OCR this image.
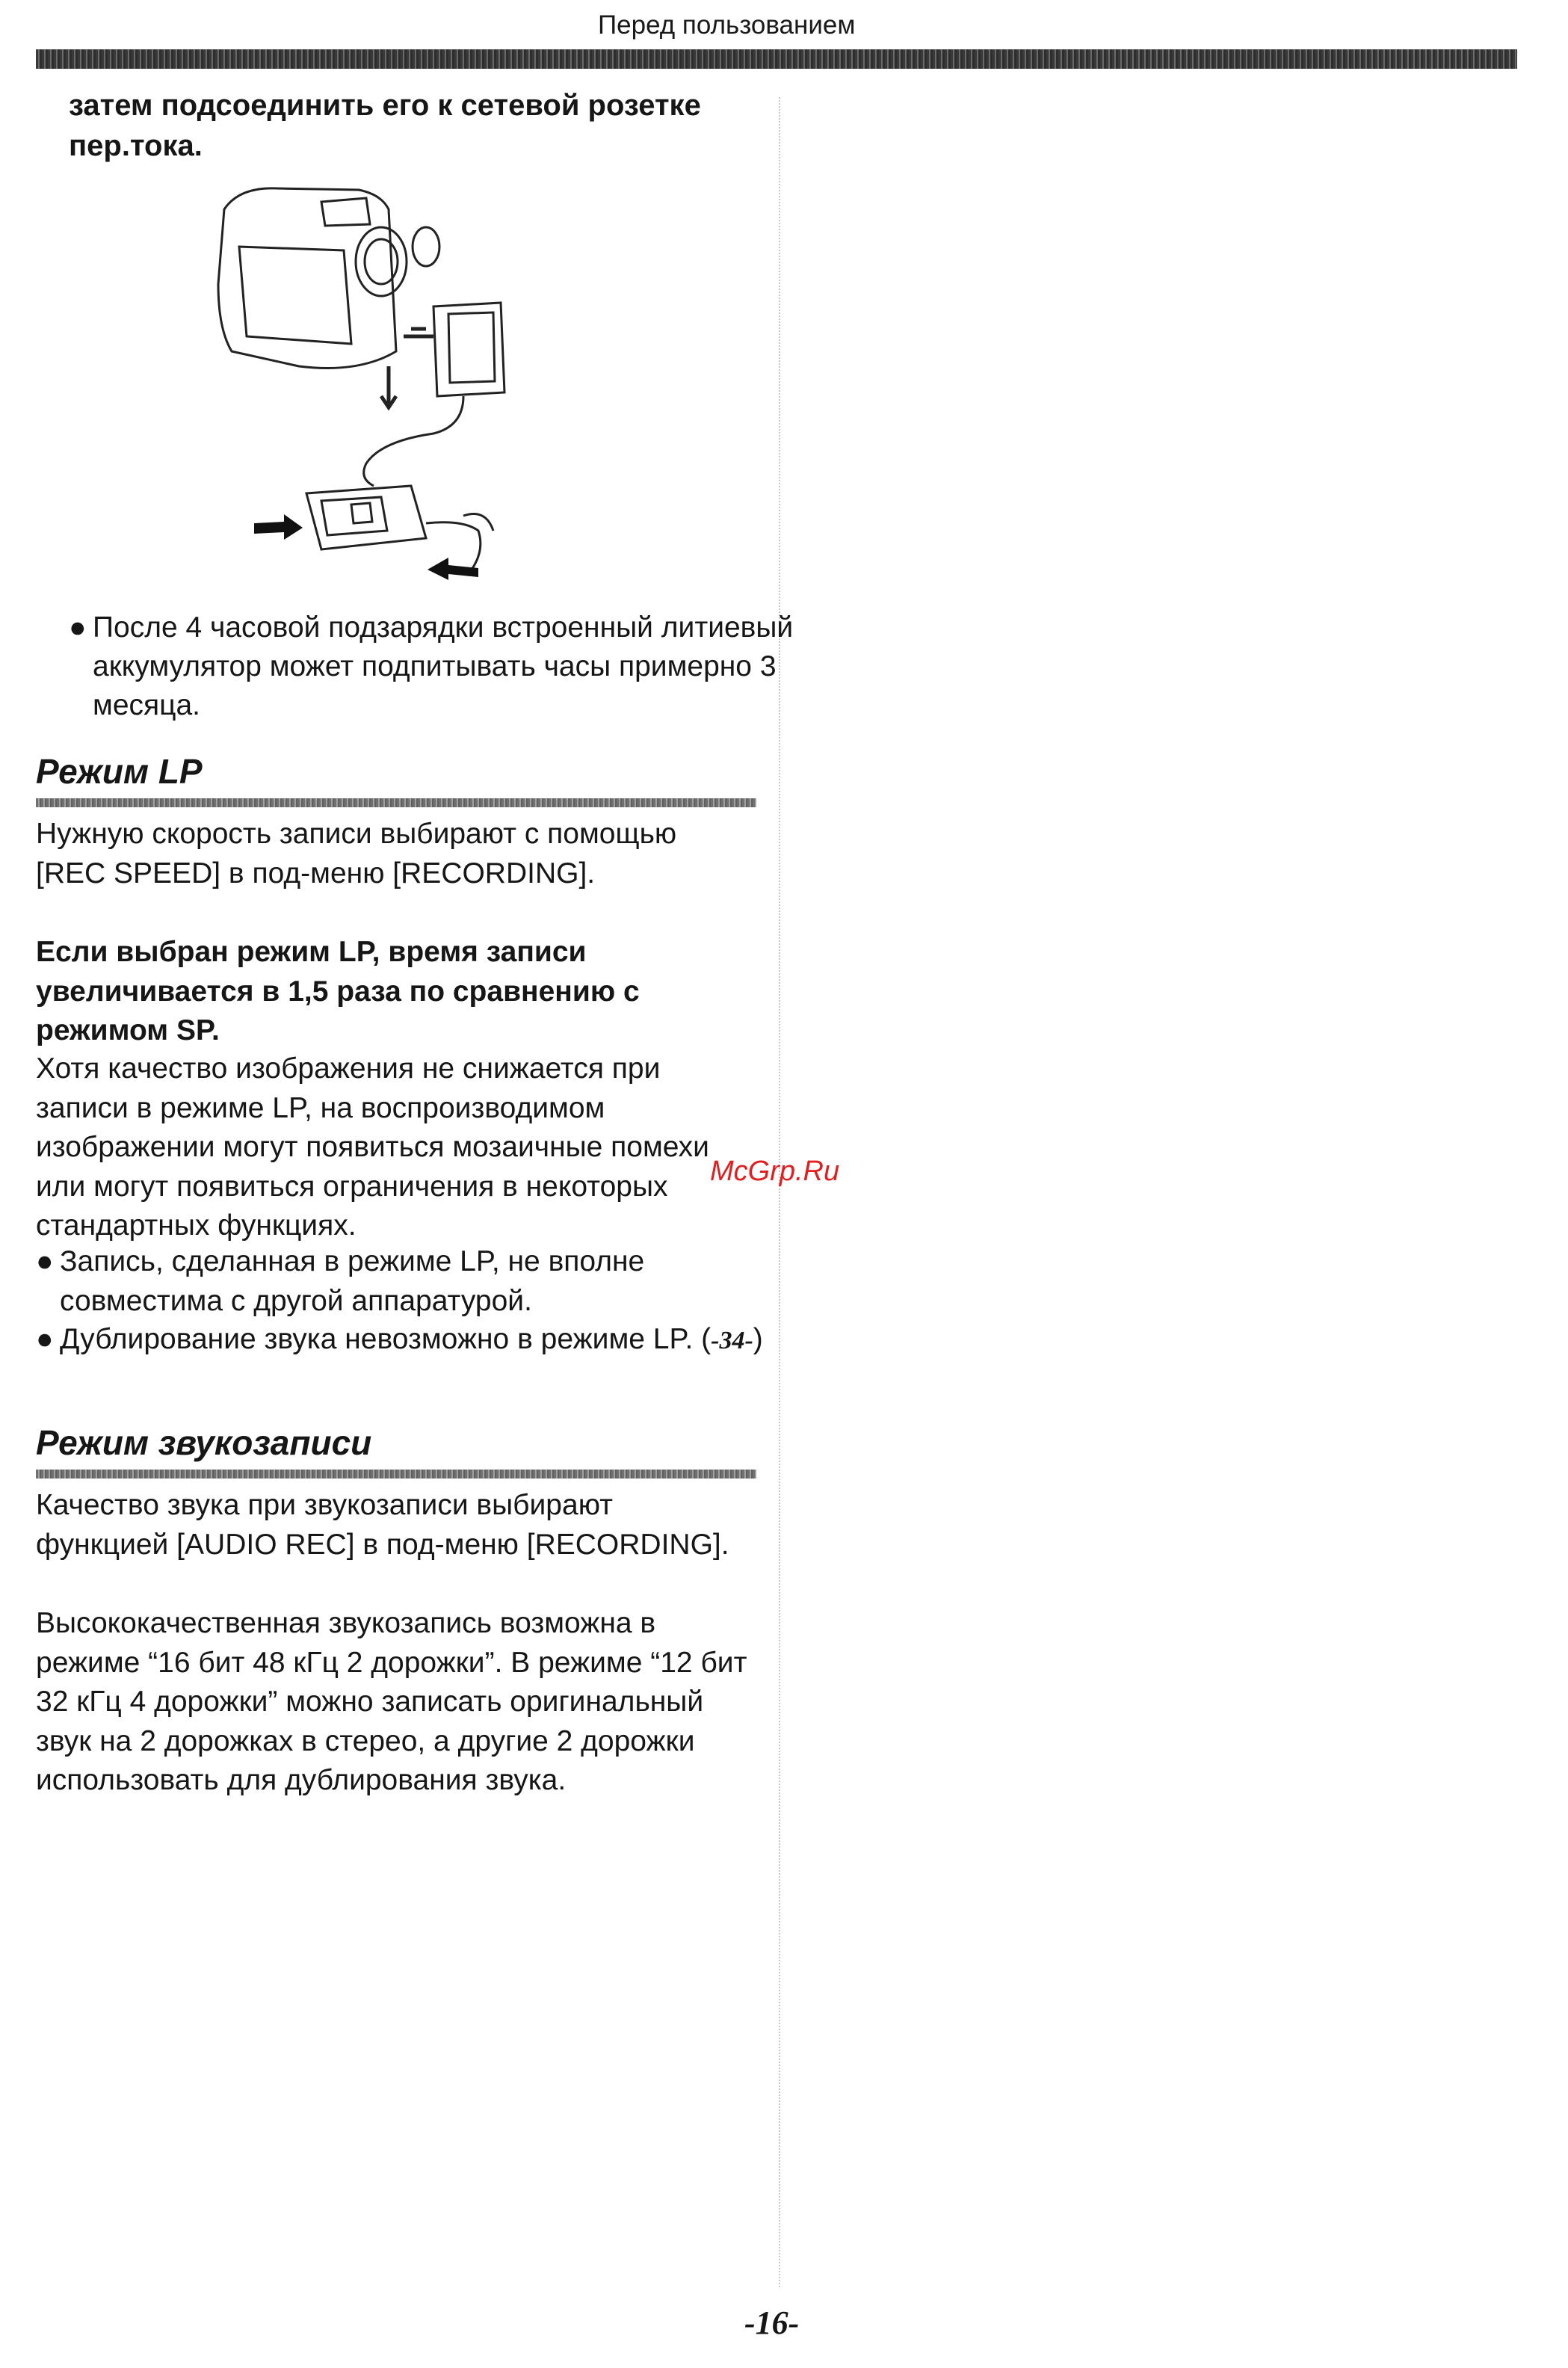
Перед пользованием

затем подсоединить его к сетевой розетке пер.тока.

● После 4 часовой подзарядки встроенный литиевый аккумулятор может подпитывать часы примерно 3 месяца.
Режим LP

Нужную скорость записи выбирают с помощью [REC SPEED] в под-меню [RECORDING].

Если выбран режим LP, время записи увеличивается в 1,5 раза по сравнению с режимом SP.

Хотя качество изображения не снижается при записи в режиме LP, на воспроизводимом изображении могут появиться мозаичные помехи или могут появиться ограничения в некоторых стандартных функциях.

● Запись, сделанная в режиме LP, не вполне совместима с другой аппаратурой.
● Дублирование звука невозможно в режиме LP. (-34-)
Режим звукозаписи

Качество звука при звукозаписи выбирают функцией [AUDIO REC] в под-меню [RECORDING].

Высококачественная звукозапись возможна в режиме “16 бит 48 кГц 2 дорожки”. В режиме “12 бит 32 кГц 4 дорожки” можно записать оригинальный звук на 2 дорожках в стерео, а другие 2 дорожки использовать для дублирования звука.

McGrp.Ru
-16-
